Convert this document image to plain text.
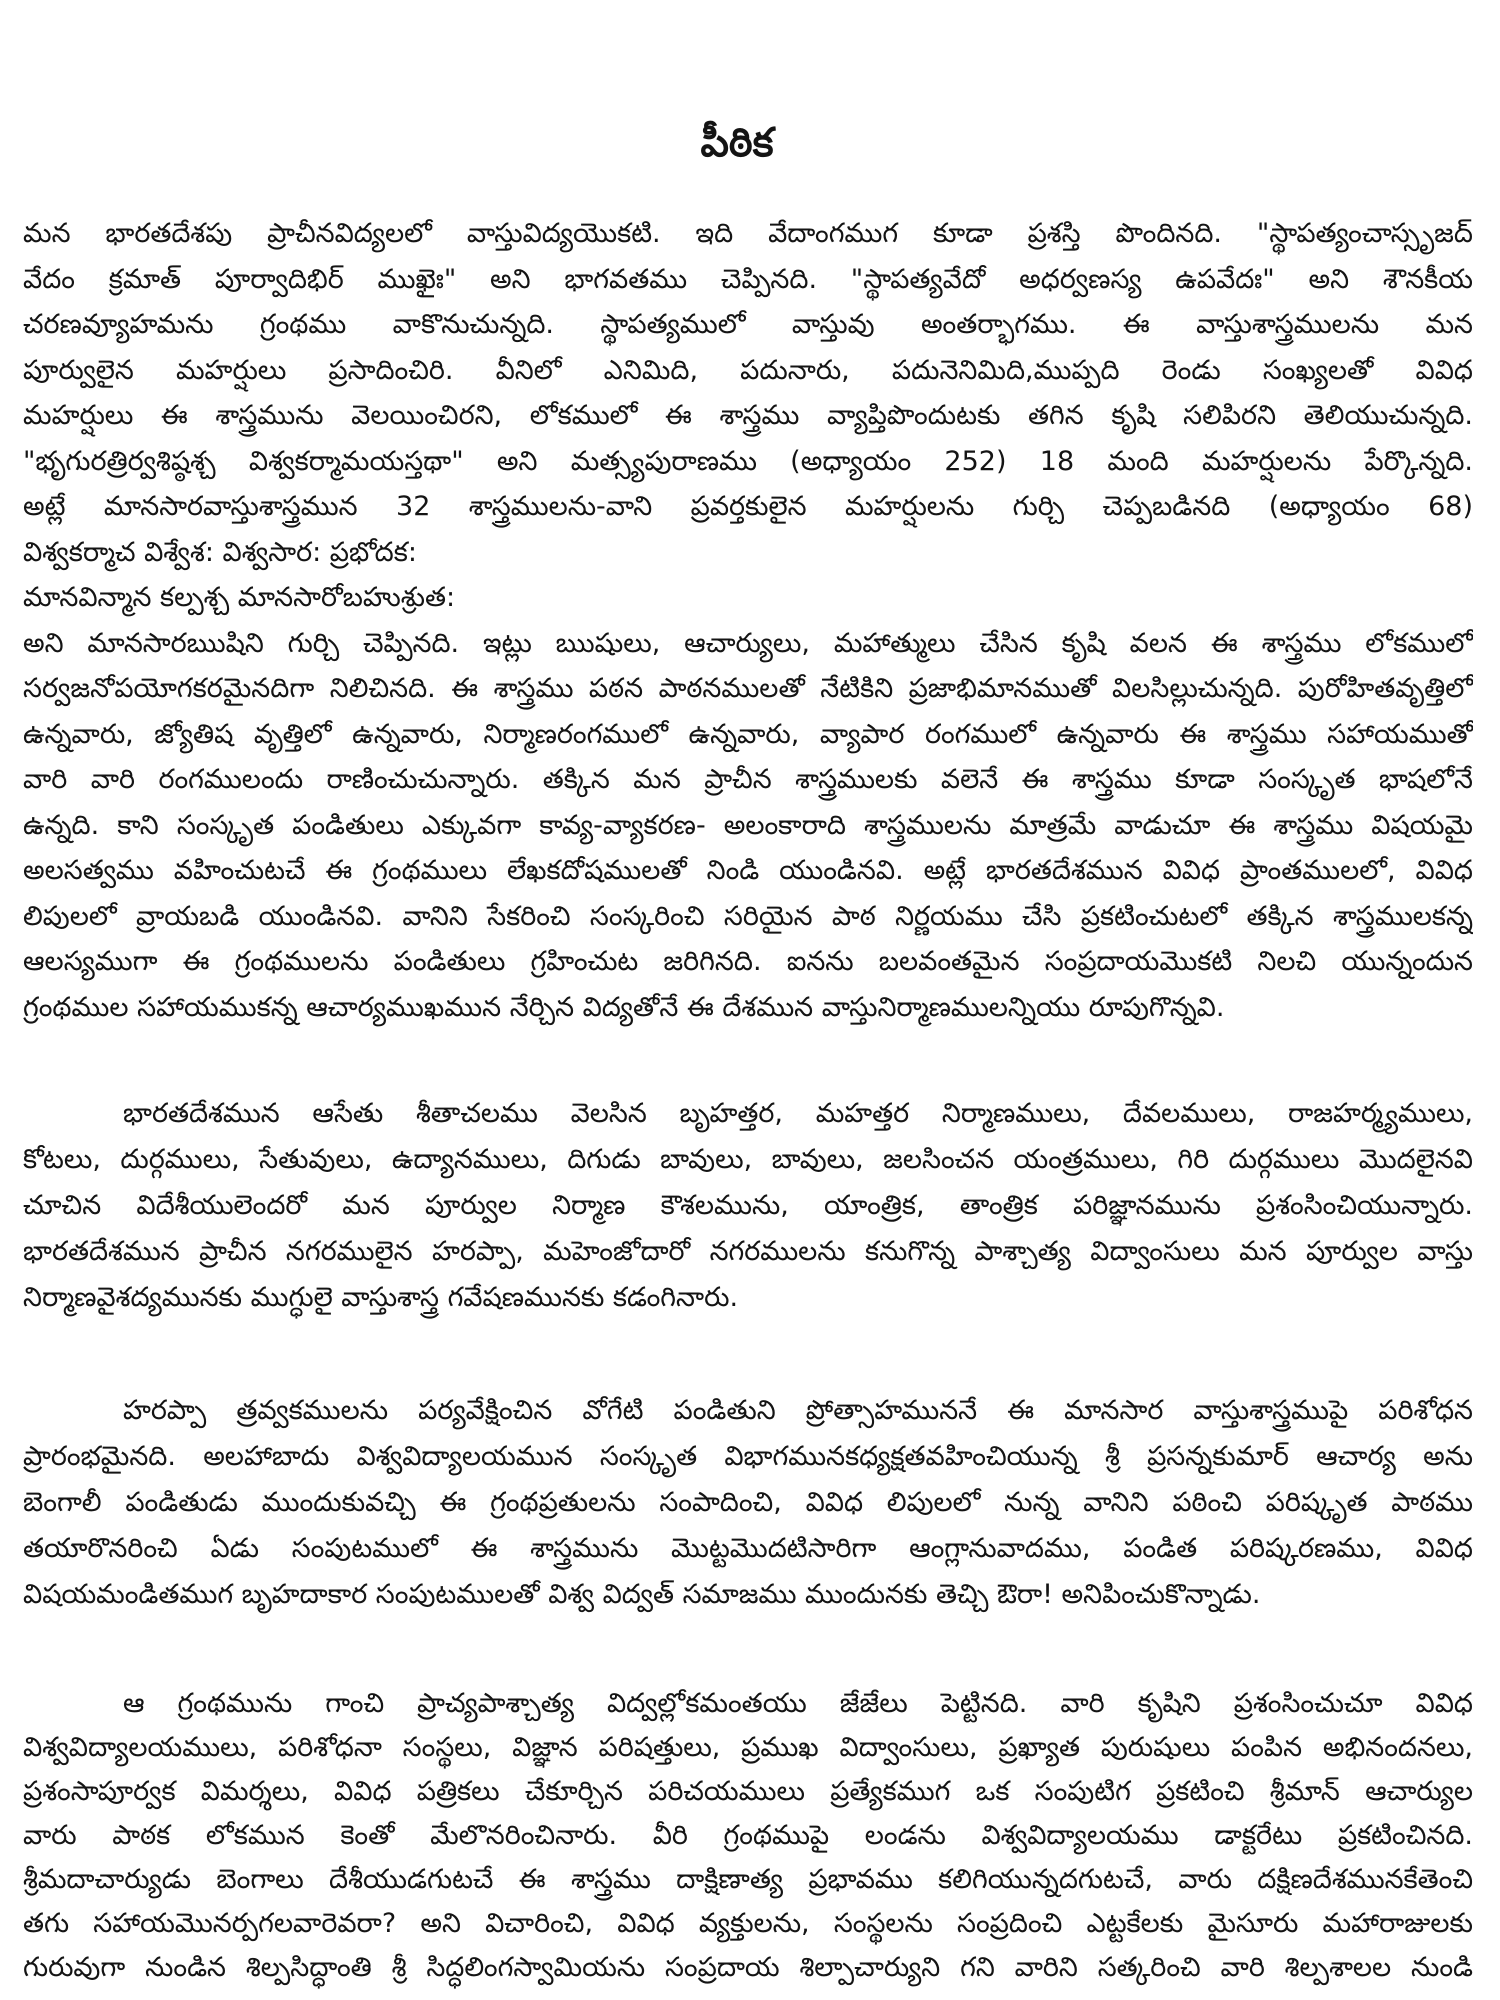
పీఠిక
మన భారతదేశపు ప్రాచీనవిద్యలలో వాస్తువిద్యయొకటి. ఇది వేదాంగముగ కూడా ప్రశస్తి పొందినది. "స్థాపత్యంచాస్సృజద్
వేదం క్రమాత్ పూర్వాదిభిర్ ముఖైః" అని భాగవతము చెప్పినది. "స్థాపత్యవేదో అధర్వణస్య ఉపవేదః" అని శౌనకీయ
చరణవ్యూహమను గ్రంథము వాకొనుచున్నది. స్థాపత్యములో వాస్తువు అంతర్భాగము. ఈ వాస్తుశాస్త్రములను మన
పూర్వులైన మహర్షులు ప్రసాదించిరి. వీనిలో ఎనిమిది, పదునారు, పదునెనిమిది,ముప్పది రెండు సంఖ్యలతో వివిధ
మహర్షులు ఈ శాస్త్రమును వెలయించిరని, లోకములో ఈ శాస్త్రము వ్యాప్తిపొందుటకు తగిన కృషి సలిపిరని తెలియుచున్నది.
"భృగురత్రిర్వశిష్ఠశ్చ విశ్వకర్మామయస్తథా" అని మత్స్యపురాణము (అధ్యాయం 252) 18 మంది మహర్షులను పేర్కొన్నది.
అట్లే మానసారవాస్తుశాస్త్రమున 32 శాస్త్రములను-వాని ప్రవర్తకులైన మహర్షులను గుర్చి చెప్పబడినది (అధ్యాయం 68)
విశ్వకర్మాచ విశ్వేశ: విశ్వసార: ప్రభోదక:
మానవిన్మాన కల్పశ్చ మానసారోబహుశ్రుత:
అని మానసారఋషిని గుర్చి చెప్పినది. ఇట్లు ఋషులు, ఆచార్యులు, మహాత్ములు చేసిన కృషి వలన ఈ శాస్త్రము లోకములో
సర్వజనోపయోగకరమైనదిగా నిలిచినది. ఈ శాస్త్రము పఠన పాఠనములతో నేటికిని ప్రజాభిమానముతో విలసిల్లుచున్నది. పురోహితవృత్తిలో
ఉన్నవారు, జ్యోతిష వృత్తిలో ఉన్నవారు, నిర్మాణరంగములో ఉన్నవారు, వ్యాపార రంగములో ఉన్నవారు ఈ శాస్త్రము సహాయముతో
వారి వారి రంగములందు రాణించుచున్నారు. తక్కిన మన ప్రాచీన శాస్త్రములకు వలెనే ఈ శాస్త్రము కూడా సంస్కృత భాషలోనే
ఉన్నది. కాని సంస్కృత పండితులు ఎక్కువగా కావ్య-వ్యాకరణ- అలంకారాది శాస్త్రములను మాత్రమే వాడుచూ ఈ శాస్త్రము విషయమై
అలసత్వము వహించుటచే ఈ గ్రంథములు లేఖకదోషములతో నిండి యుండినవి. అట్లే భారతదేశమున వివిధ ప్రాంతములలో, వివిధ
లిపులలో వ్రాయబడి యుండినవి. వానిని సేకరించి సంస్కరించి సరియైన పాఠ నిర్ణయము చేసి ప్రకటించుటలో తక్కిన శాస్త్రములకన్న
ఆలస్యముగా ఈ గ్రంథములను పండితులు గ్రహించుట జరిగినది. ఐనను బలవంతమైన సంప్రదాయమొకటి నిలచి యున్నందున
గ్రంథముల సహాయముకన్న ఆచార్యముఖమున నేర్చిన విద్యతోనే ఈ దేశమున వాస్తునిర్మాణములన్నియు రూపుగొన్నవి.
భారతదేశమున ఆసేతు శీతాచలము వెలసిన బృహత్తర, మహత్తర నిర్మాణములు, దేవలములు, రాజహర్మ్యములు,
కోటలు, దుర్గములు, సేతువులు, ఉద్యానములు, దిగుడు బావులు, బావులు, జలసించన యంత్రములు, గిరి దుర్గములు మొదలైనవి
చూచిన విదేశీయులెందరో మన పూర్వుల నిర్మాణ కౌశలమును, యాంత్రిక, తాంత్రిక పరిజ్ఞానమును ప్రశంసించియున్నారు.
భారతదేశమున ప్రాచీన నగరములైన హరప్పా, మహెంజోదారో నగరములను కనుగొన్న పాశ్చాత్య విద్వాంసులు మన పూర్వుల వాస్తు
నిర్మాణవైశద్యమునకు ముగ్ధులై వాస్తుశాస్త్ర గవేషణమునకు కడంగినారు.
హరప్పా త్రవ్వకములను పర్యవేక్షించిన వోగేటి పండితుని ప్రోత్సాహముననే ఈ మానసార వాస్తుశాస్త్రముపై పరిశోధన
ప్రారంభమైనది. అలహాబాదు విశ్వవిద్యాలయమున సంస్కృత విభాగమునకధ్యక్షతవహించియున్న శ్రీ ప్రసన్నకుమార్ ఆచార్య అను
బెంగాలీ పండితుడు ముందుకువచ్చి ఈ గ్రంథప్రతులను సంపాదించి, వివిధ లిపులలో నున్న వానిని పఠించి పరిష్కృత పాఠము
తయారొనరించి ఏడు సంపుటములో ఈ శాస్త్రమును మొట్టమొదటిసారిగా ఆంగ్లానువాదము, పండిత పరిష్కరణము, వివిధ
విషయమండితముగ బృహదాకార సంపుటములతో విశ్వ విద్వత్ సమాజము ముందునకు తెచ్చి ఔరా! అనిపించుకొన్నాడు.
ఆ గ్రంథమును గాంచి ప్రాచ్యపాశ్చాత్య విద్వల్లోకమంతయు జేజేలు పెట్టినది. వారి కృషిని ప్రశంసించుచూ వివిధ
విశ్వవిద్యాలయములు, పరిశోధనా సంస్థలు, విజ్ఞాన పరిషత్తులు, ప్రముఖ విద్వాంసులు, ప్రఖ్యాత పురుషులు పంపిన అభినందనలు,
ప్రశంసాపూర్వక విమర్శలు, వివిధ పత్రికలు చేకూర్చిన పరిచయములు ప్రత్యేకముగ ఒక సంపుటిగ ప్రకటించి శ్రీమాన్ ఆచార్యుల
వారు పాఠక లోకమున కెంతో మేలొనరించినారు. వీరి గ్రంథముపై లండను విశ్వవిద్యాలయము డాక్టరేటు ప్రకటించినది.
శ్రీమదాచార్యుడు బెంగాలు దేశీయుడగుటచే ఈ శాస్త్రము దాక్షిణాత్య ప్రభావము కలిగియున్నదగుటచే, వారు దక్షిణదేశమునకేతెంచి
తగు సహాయమొనర్పగలవారెవరా? అని విచారించి, వివిధ వ్యక్తులను, సంస్థలను సంప్రదించి ఎట్టకేలకు మైసూరు మహారాజులకు
గురువుగా నుండిన శిల్పసిద్ధాంతి శ్రీ సిద్ధలింగస్వామియను సంప్రదాయ శిల్పాచార్యుని గని వారిని సత్కరించి వారి శిల్పశాలల నుండి
